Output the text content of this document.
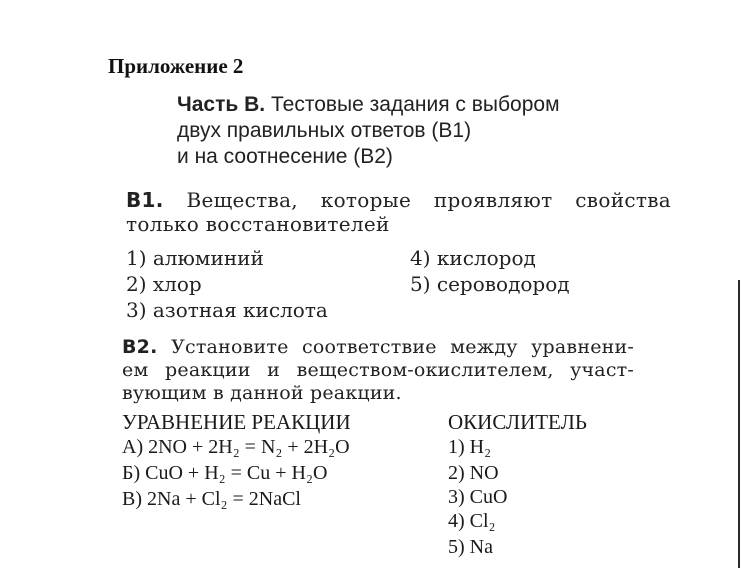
Приложение 2
Часть В. Тестовые задания с выбором
двух правильных ответов (В1)
и на соотнесение (В2)
В1. Вещества, которые проявляют свойства
только восстановителей
1) алюминий
2) хлор
3) азотная кислота
4) кислород
5) сероводород
В2. Установите соответствие между уравнени-
ем реакции и веществом-окислителем, участ-
вующим в данной реакции.
УРАВНЕНИЕ РЕАКЦИИ	ОКИСЛИТЕЛЬ
А) 2NO + 2H₂ = N₂ + 2H₂O
Б) CuO + H₂ = Cu + H₂O
В) 2Na + Cl₂ = 2NaCl
1) H₂
2) NO
3) CuO
4) Cl₂
5) Na
